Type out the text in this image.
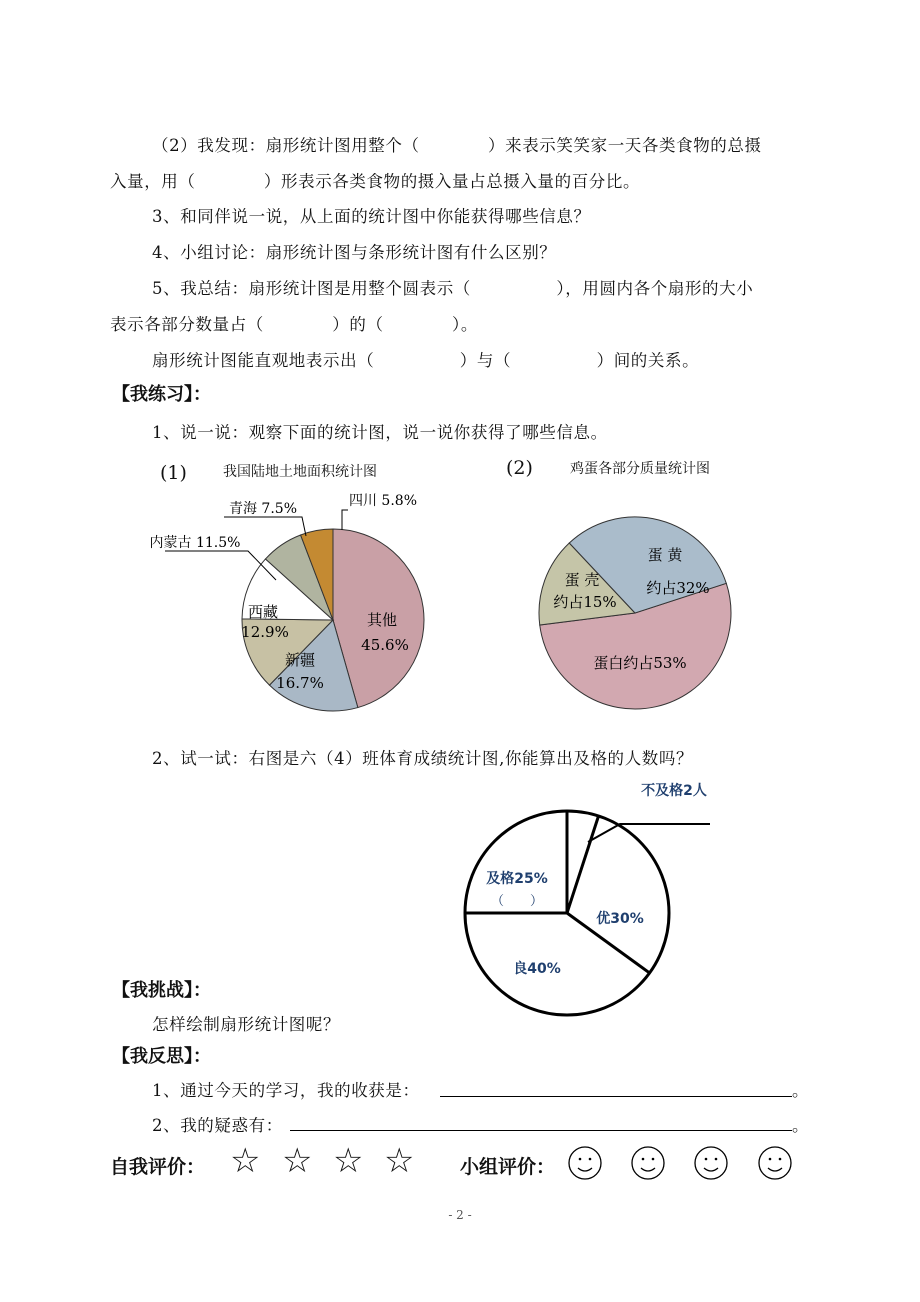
（2）我发现：扇形统计图用整个（　　　　）来表示笑笑家一天各类食物的总摄
入量，用（　　　　）形表示各类食物的摄入量占总摄入量的百分比。
3、和同伴说一说，从上面的统计图中你能获得哪些信息？
4、小组讨论：扇形统计图与条形统计图有什么区别？
5、我总结：扇形统计图是用整个圆表示（　　　　　），用圆内各个扇形的大小
表示各部分数量占（　　　　）的（　　　　）。
扇形统计图能直观地表示出（　　　　　）与（　　　　　）间的关系。
【我练习】：
1、说一说：观察下面的统计图，说一说你获得了哪些信息。
(1)	我国陆地土地面积统计图
其他
45.6%
新疆
16.7%
西藏
12.9%
内蒙古 11.5%
青海 7.5%	四川 5.8%
(2)	鸡蛋各部分质量统计图
蛋 黄
约占32%
蛋 壳
约占15%
蛋白约占53%
2、试一试：右图是六（4）班体育成绩统计图,你能算出及格的人数吗？
优30%
良40%
及格25%
（　　）
不及格2人
【我挑战】：
怎样绘制扇形统计图呢？
【我反思】：
1、通过今天的学习，我的收获是：	。
2、我的疑惑有：	。
自我评价： ☆ ☆ ☆ ☆ 小组评价：
- 2 -
